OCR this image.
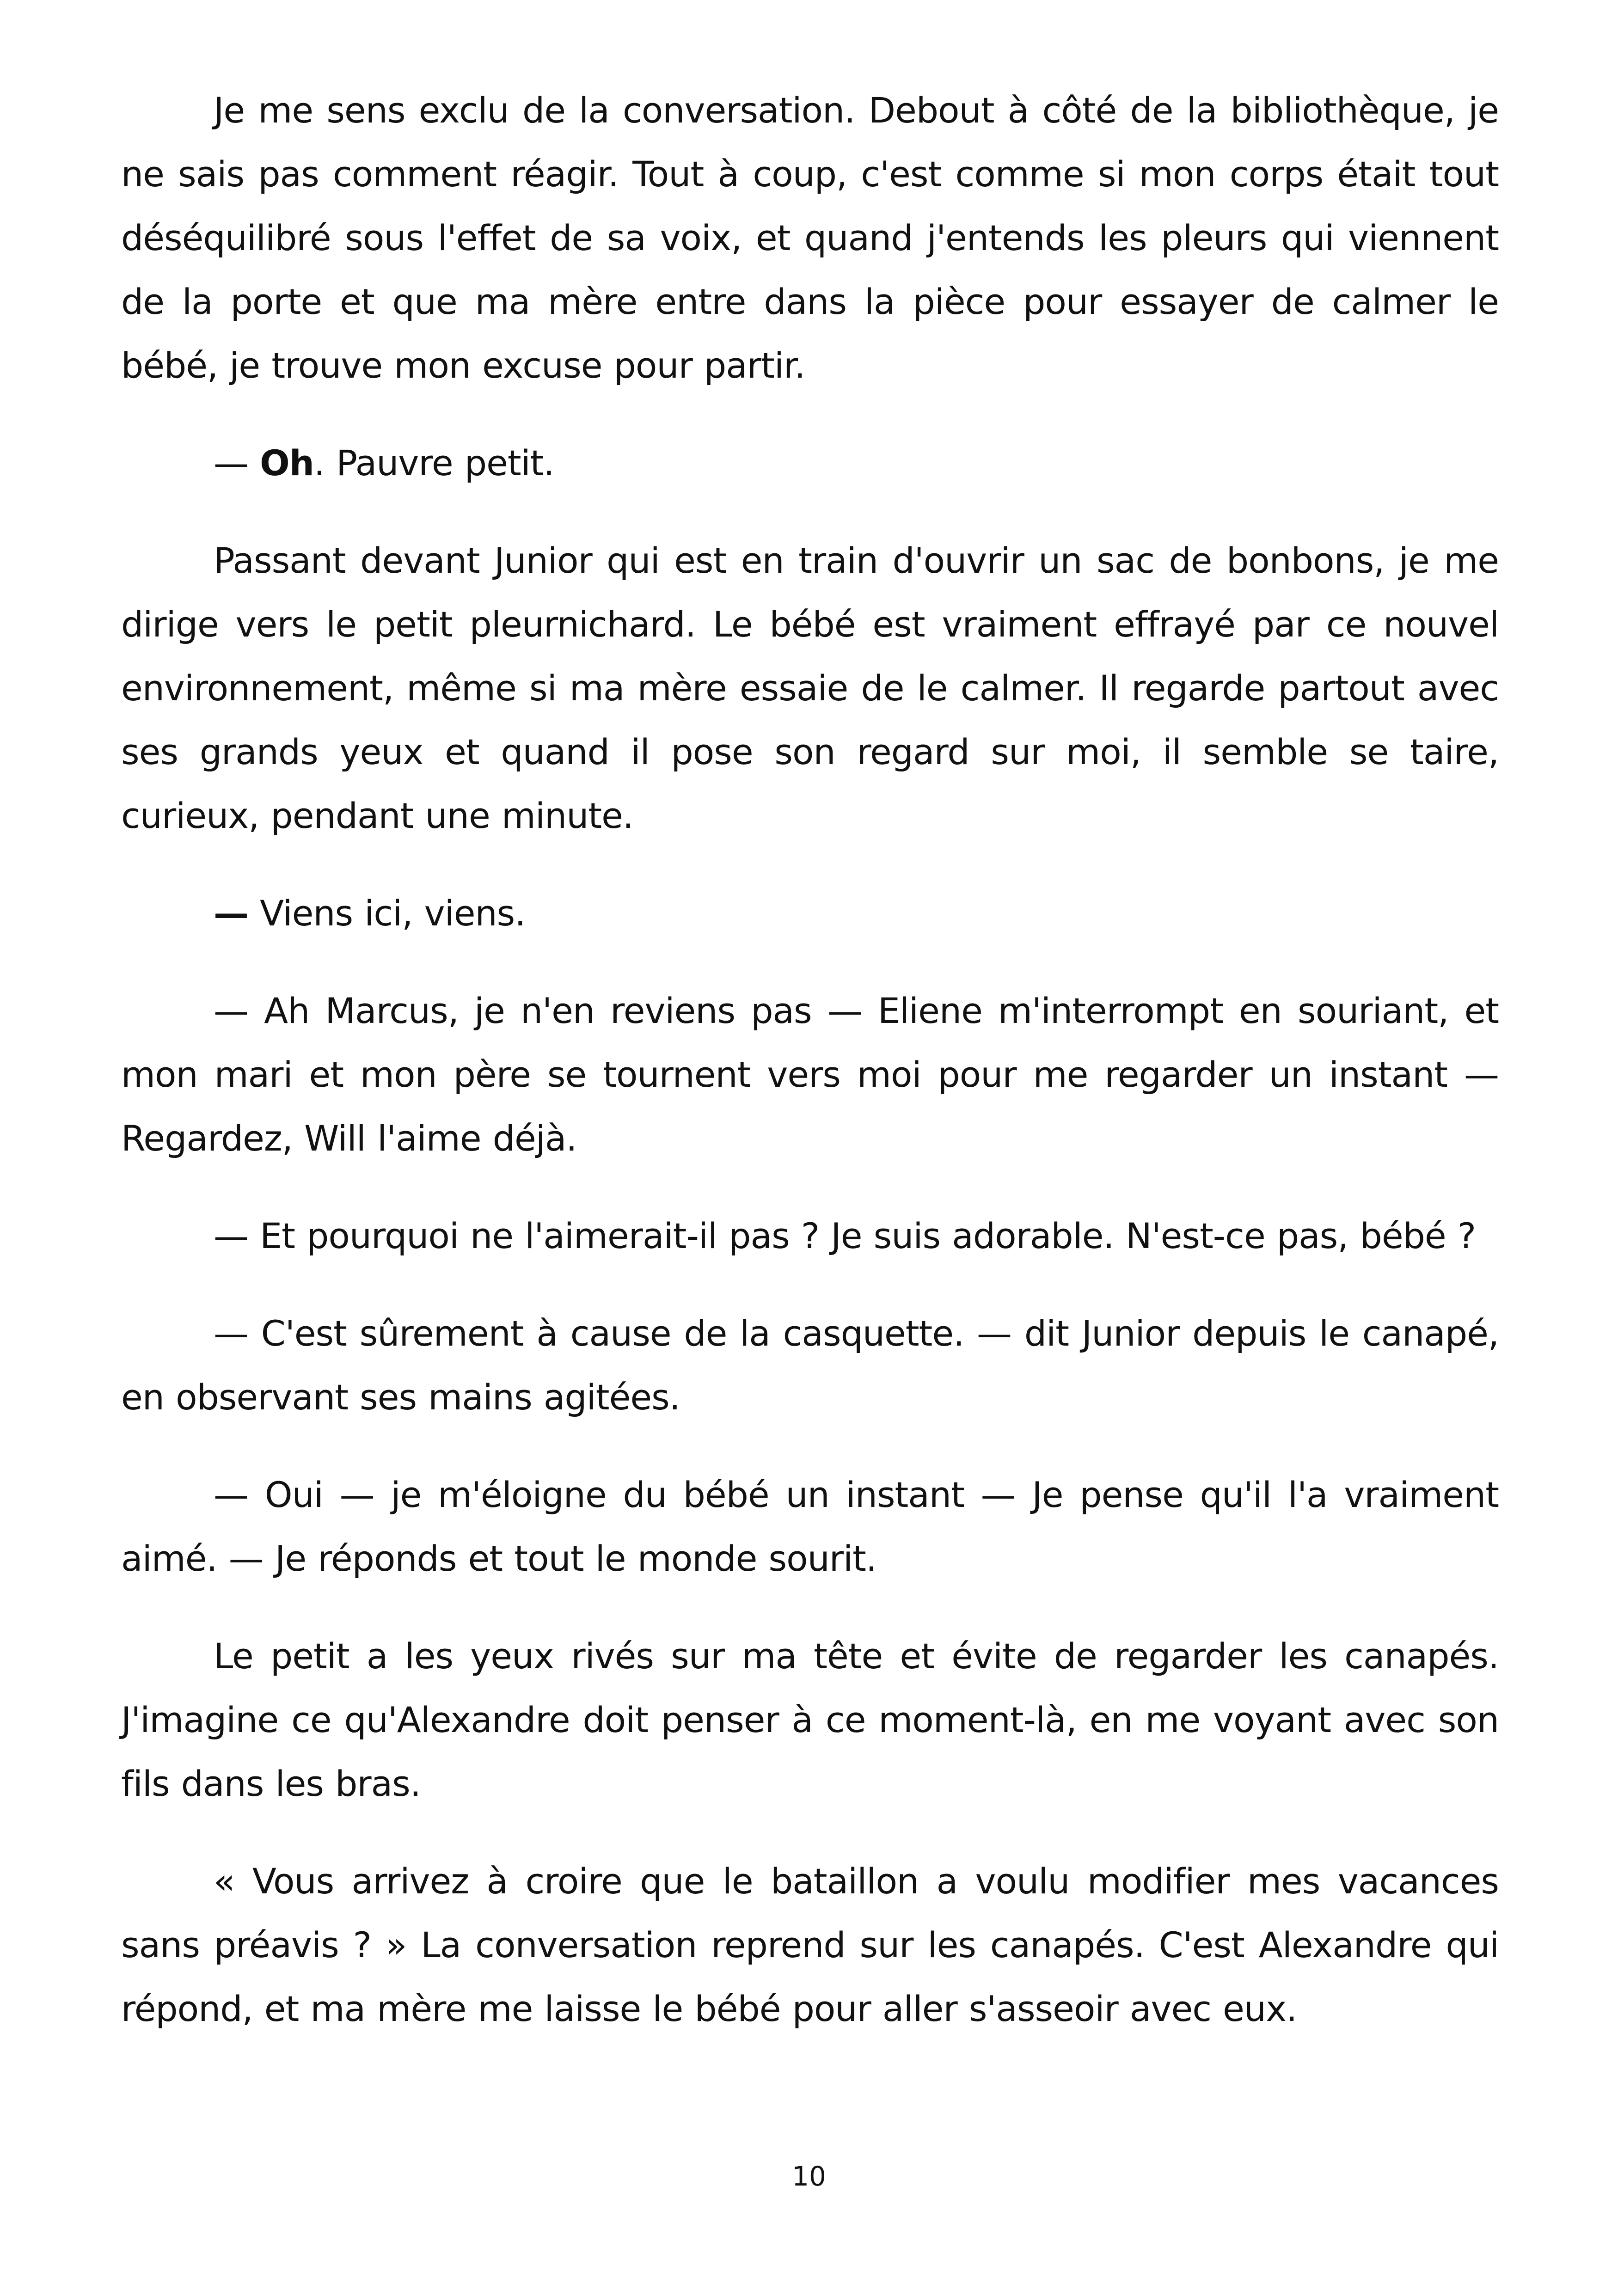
Je me sens exclu de la conversation. Debout à côté de la bibliothèque, je ne sais pas comment réagir. Tout à coup, c'est comme si mon corps était tout déséquilibré sous l'effet de sa voix, et quand j'entends les pleurs qui viennent de la porte et que ma mère entre dans la pièce pour essayer de calmer le bébé, je trouve mon excuse pour partir.

— Oh. Pauvre petit.

Passant devant Junior qui est en train d'ouvrir un sac de bonbons, je me dirige vers le petit pleurnichard. Le bébé est vraiment effrayé par ce nouvel environnement, même si ma mère essaie de le calmer. Il regarde partout avec ses grands yeux et quand il pose son regard sur moi, il semble se taire, curieux, pendant une minute.

— Viens ici, viens.

— Ah Marcus, je n'en reviens pas — Eliene m'interrompt en souriant, et mon mari et mon père se tournent vers moi pour me regarder un instant — Regardez, Will l'aime déjà.

— Et pourquoi ne l'aimerait-il pas ? Je suis adorable. N'est-ce pas, bébé ?

— C'est sûrement à cause de la casquette. — dit Junior depuis le canapé, en observant ses mains agitées.

— Oui — je m'éloigne du bébé un instant — Je pense qu'il l'a vraiment aimé. — Je réponds et tout le monde sourit.

Le petit a les yeux rivés sur ma tête et évite de regarder les canapés. J'imagine ce qu'Alexandre doit penser à ce moment-là, en me voyant avec son fils dans les bras.

« Vous arrivez à croire que le bataillon a voulu modifier mes vacances sans préavis ? » La conversation reprend sur les canapés. C'est Alexandre qui répond, et ma mère me laisse le bébé pour aller s'asseoir avec eux.

10
